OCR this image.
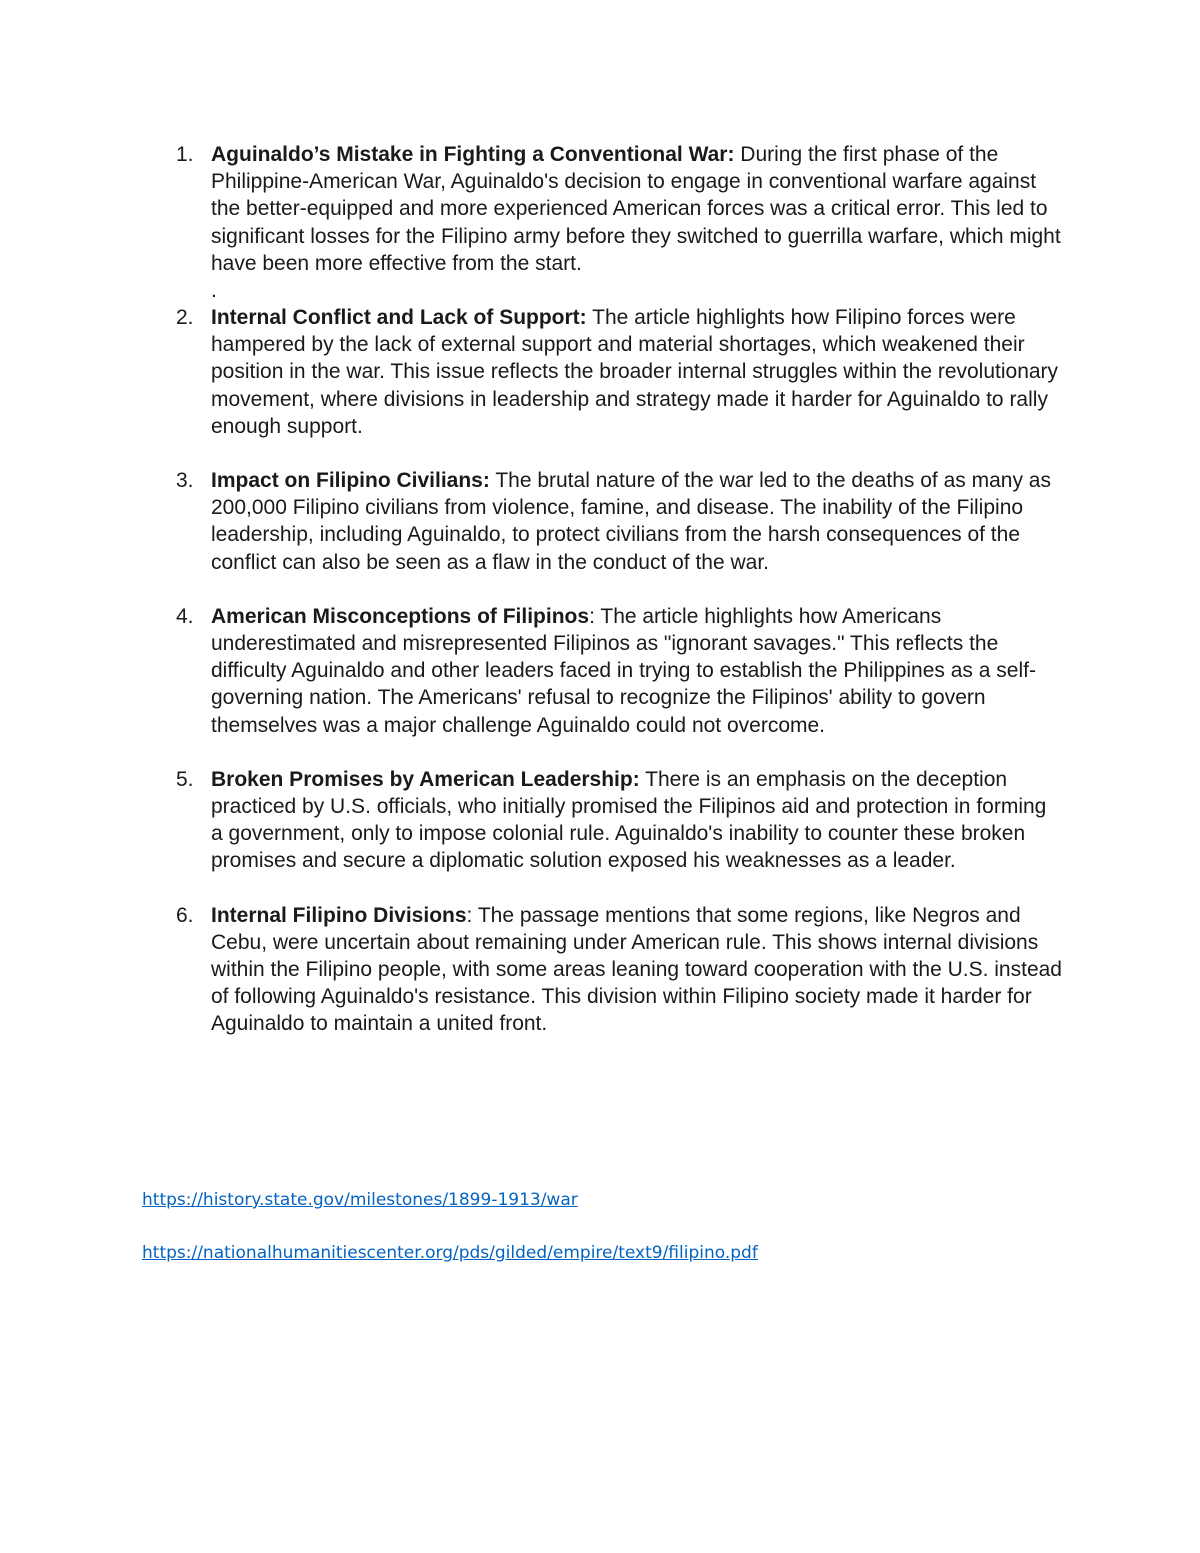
1. Aguinaldo’s Mistake in Fighting a Conventional War: During the first phase of the Philippine-American War, Aguinaldo's decision to engage in conventional warfare against the better-equipped and more experienced American forces was a critical error. This led to significant losses for the Filipino army before they switched to guerrilla warfare, which might have been more effective from the start.
.
2. Internal Conflict and Lack of Support: The article highlights how Filipino forces were hampered by the lack of external support and material shortages, which weakened their position in the war. This issue reflects the broader internal struggles within the revolutionary movement, where divisions in leadership and strategy made it harder for Aguinaldo to rally enough support.
3. Impact on Filipino Civilians: The brutal nature of the war led to the deaths of as many as 200,000 Filipino civilians from violence, famine, and disease. The inability of the Filipino leadership, including Aguinaldo, to protect civilians from the harsh consequences of the conflict can also be seen as a flaw in the conduct of the war.
4. American Misconceptions of Filipinos: The article highlights how Americans underestimated and misrepresented Filipinos as "ignorant savages." This reflects the difficulty Aguinaldo and other leaders faced in trying to establish the Philippines as a self-governing nation. The Americans' refusal to recognize the Filipinos' ability to govern themselves was a major challenge Aguinaldo could not overcome.
5. Broken Promises by American Leadership: There is an emphasis on the deception practiced by U.S. officials, who initially promised the Filipinos aid and protection in forming a government, only to impose colonial rule. Aguinaldo's inability to counter these broken promises and secure a diplomatic solution exposed his weaknesses as a leader.
6. Internal Filipino Divisions: The passage mentions that some regions, like Negros and Cebu, were uncertain about remaining under American rule. This shows internal divisions within the Filipino people, with some areas leaning toward cooperation with the U.S. instead of following Aguinaldo's resistance. This division within Filipino society made it harder for Aguinaldo to maintain a united front.
https://history.state.gov/milestones/1899-1913/war
https://nationalhumanitiescenter.org/pds/gilded/empire/text9/filipino.pdf
